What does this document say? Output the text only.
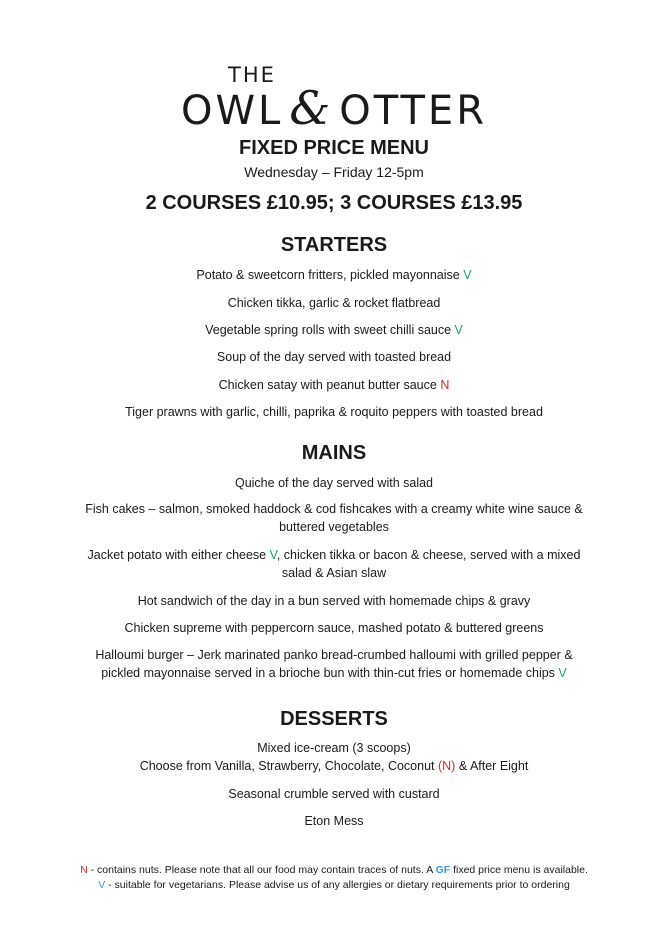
THE
OWL & OTTER
FIXED PRICE MENU
Wednesday – Friday 12-5pm
2 COURSES £10.95; 3 COURSES £13.95
STARTERS
Potato & sweetcorn fritters, pickled mayonnaise V
Chicken tikka, garlic & rocket flatbread
Vegetable spring rolls with sweet chilli sauce V
Soup of the day served with toasted bread
Chicken satay with peanut butter sauce N
Tiger prawns with garlic, chilli, paprika & roquito peppers with toasted bread
MAINS
Quiche of the day served with salad
Fish cakes – salmon, smoked haddock & cod fishcakes with a creamy white wine sauce &
buttered vegetables
Jacket potato with either cheese V, chicken tikka or bacon & cheese, served with a mixed
salad & Asian slaw
Hot sandwich of the day in a bun served with homemade chips & gravy
Chicken supreme with peppercorn sauce, mashed potato & buttered greens
Halloumi burger – Jerk marinated panko bread-crumbed halloumi with grilled pepper &
pickled mayonnaise served in a brioche bun with thin-cut fries or homemade chips V
DESSERTS
Mixed ice-cream (3 scoops)
Choose from Vanilla, Strawberry, Chocolate, Coconut (N) & After Eight
Seasonal crumble served with custard
Eton Mess
N - contains nuts. Please note that all our food may contain traces of nuts. A GF fixed price menu is available.
V - suitable for vegetarians. Please advise us of any allergies or dietary requirements prior to ordering
